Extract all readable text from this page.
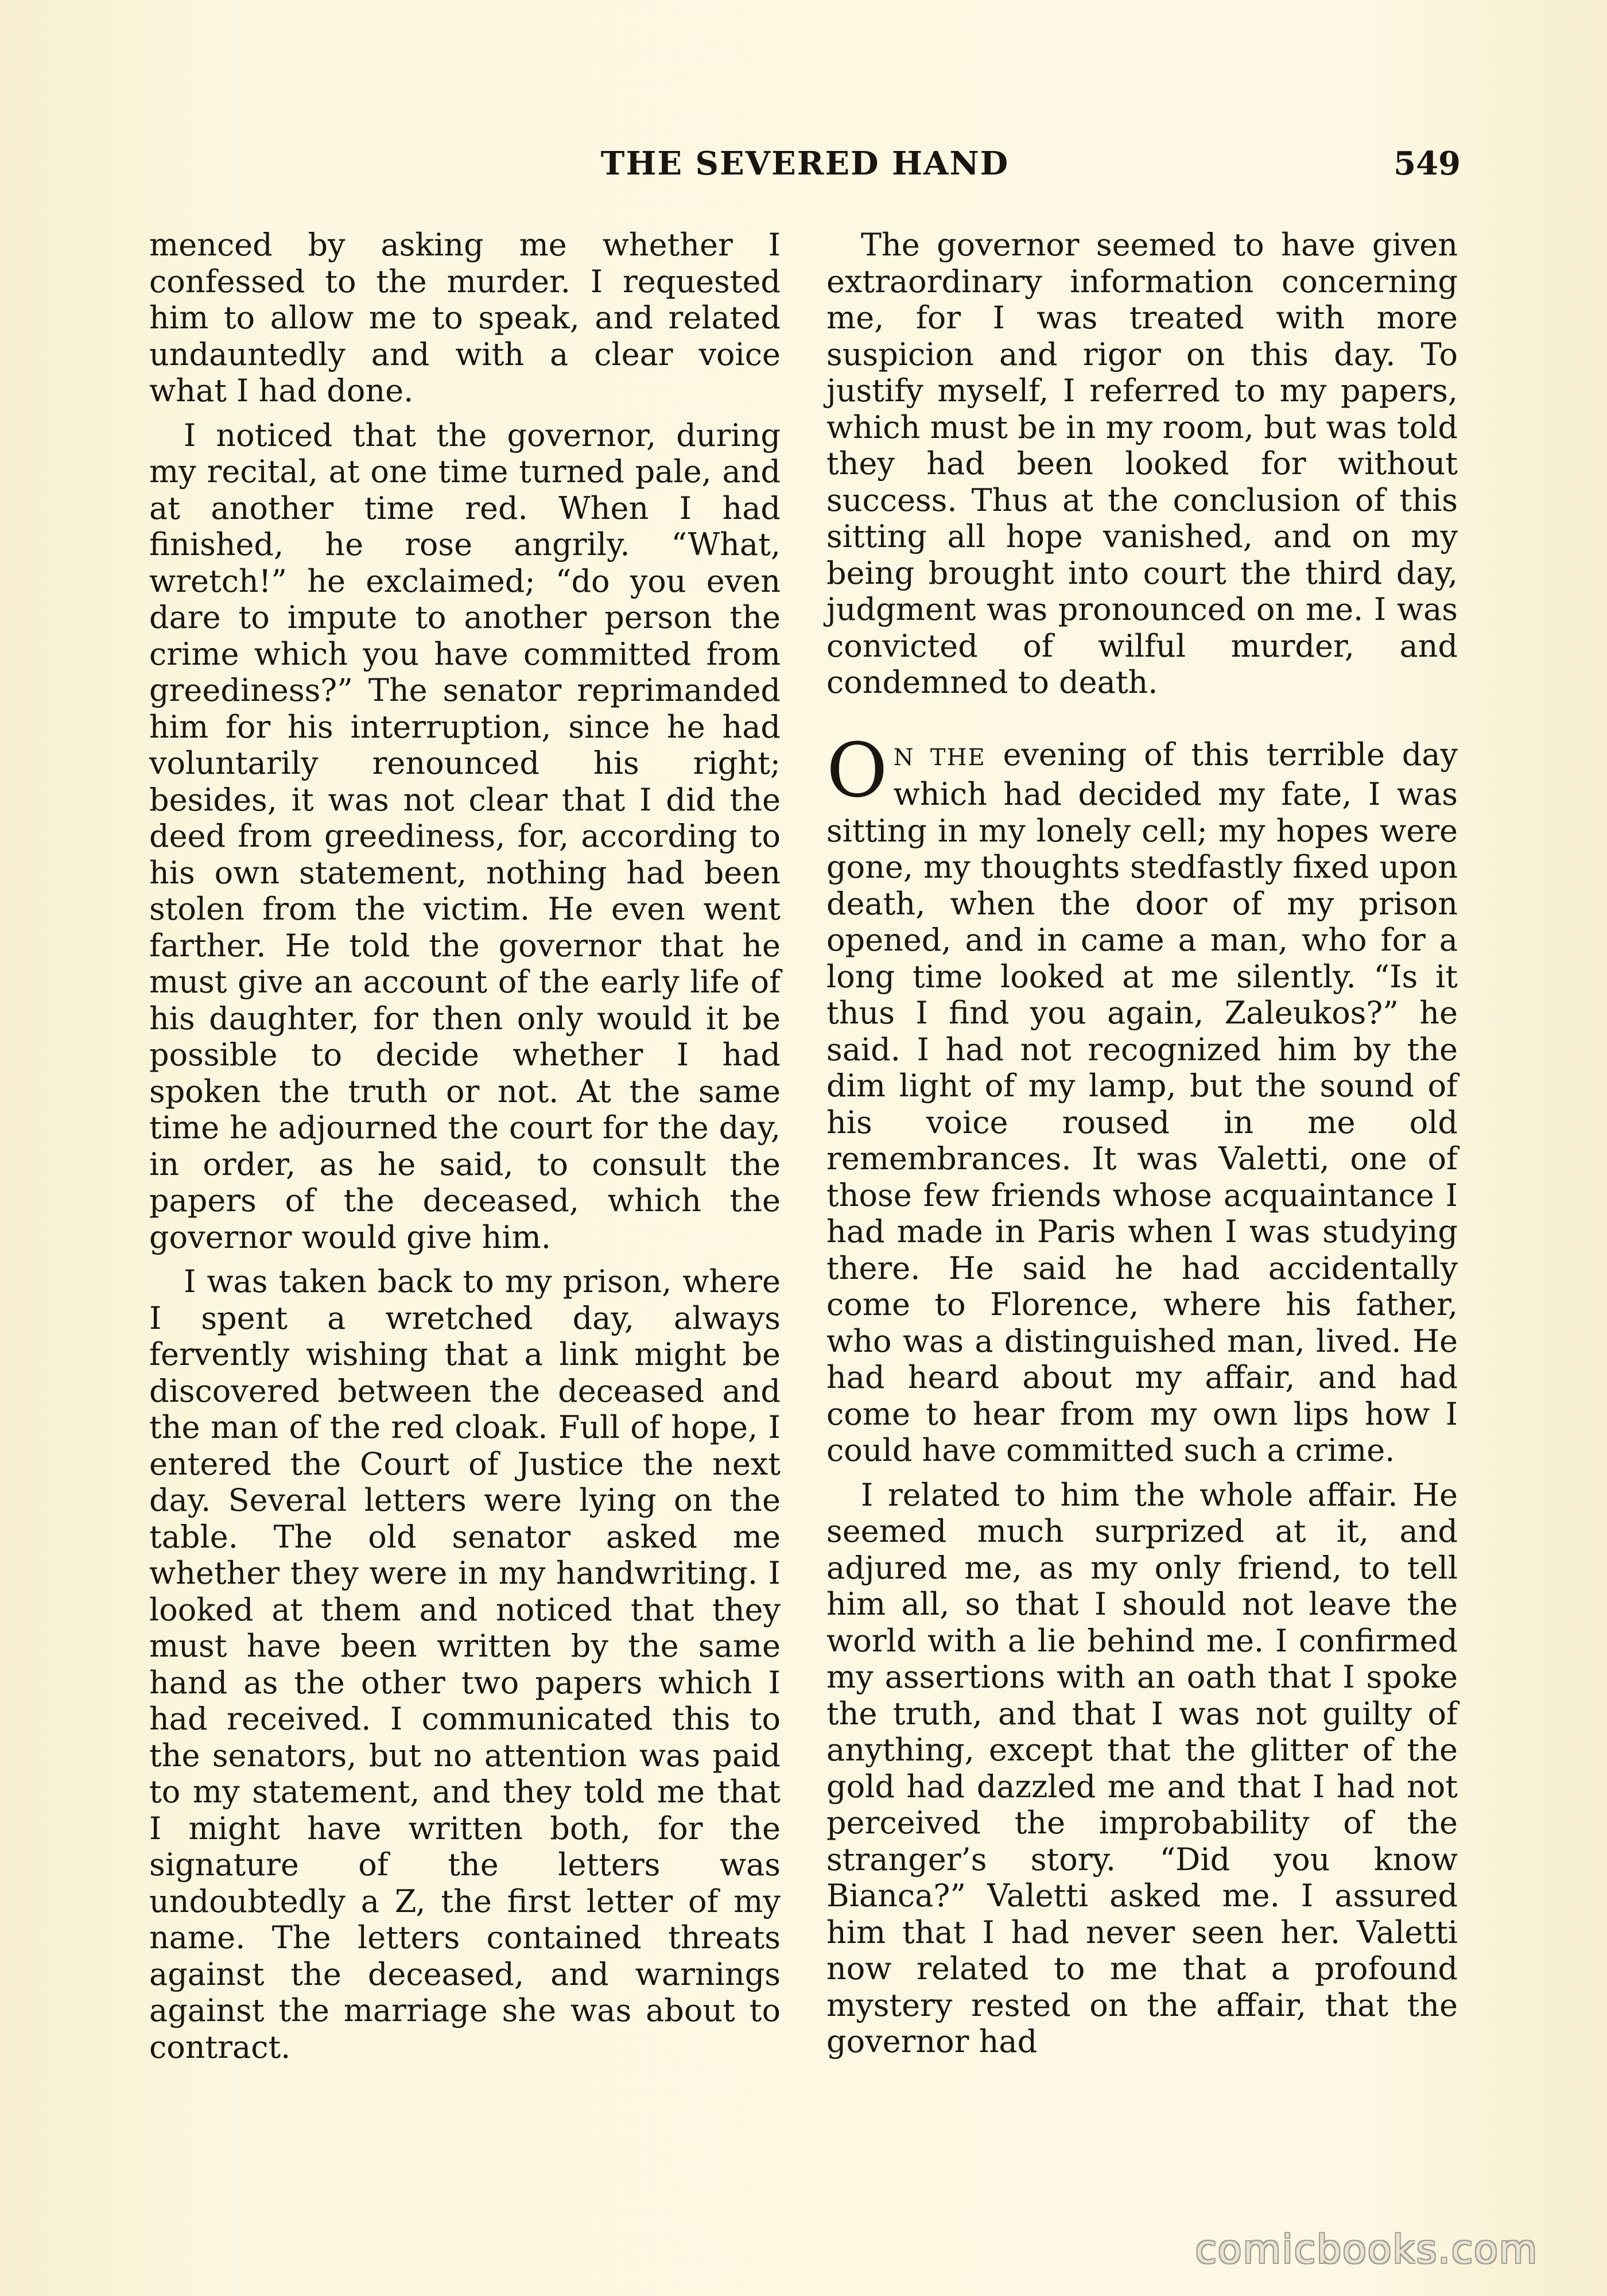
THE SEVERED HAND	549

menced by asking me whether I confessed to the murder. I requested him to allow me to speak, and related undauntedly and with a clear voice what I had done.

I noticed that the governor, during my recital, at one time turned pale, and at another time red. When I had finished, he rose angrily. “What, wretch!” he exclaimed; “do you even dare to impute to another person the crime which you have committed from greediness?” The senator reprimanded him for his interruption, since he had voluntarily renounced his right; besides, it was not clear that I did the deed from greediness, for, according to his own statement, nothing had been stolen from the victim. He even went farther. He told the governor that he must give an account of the early life of his daughter, for then only would it be possible to decide whether I had spoken the truth or not. At the same time he adjourned the court for the day, in order, as he said, to consult the papers of the deceased, which the governor would give him.

I was taken back to my prison, where I spent a wretched day, always fervently wishing that a link might be discovered between the deceased and the man of the red cloak. Full of hope, I entered the Court of Justice the next day. Several letters were lying on the table. The old senator asked me whether they were in my handwriting. I looked at them and noticed that they must have been written by the same hand as the other two papers which I had received. I communicated this to the senators, but no attention was paid to my statement, and they told me that I might have written both, for the signature of the letters was undoubtedly a Z, the first letter of my name. The letters contained threats against the deceased, and warnings against the marriage she was about to contract.

The governor seemed to have given extraordinary information concerning me, for I was treated with more suspicion and rigor on this day. To justify myself, I referred to my papers, which must be in my room, but was told they had been looked for without success. Thus at the conclusion of this sitting all hope vanished, and on my being brought into court the third day, judgment was pronounced on me. I was convicted of wilful murder, and condemned to death.

O N THE evening of this terrible day which had decided my fate, I was sitting in my lonely cell; my hopes were gone, my thoughts stedfastly fixed upon death, when the door of my prison opened, and in came a man, who for a long time looked at me silently. “Is it thus I find you again, Zaleukos?” he said. I had not recognized him by the dim light of my lamp, but the sound of his voice roused in me old remembrances. It was Valetti, one of those few friends whose acquaintance I had made in Paris when I was studying there. He said he had accidentally come to Florence, where his father, who was a distinguished man, lived. He had heard about my affair, and had come to hear from my own lips how I could have committed such a crime.

I related to him the whole affair. He seemed much surprized at it, and adjured me, as my only friend, to tell him all, so that I should not leave the world with a lie behind me. I confirmed my assertions with an oath that I spoke the truth, and that I was not guilty of anything, except that the glitter of the gold had dazzled me and that I had not perceived the improbability of the stranger’s story. “Did you know Bianca?” Valetti asked me. I assured him that I had never seen her. Valetti now related to me that a profound mystery rested on the affair, that the governor had

comicbooks.com
